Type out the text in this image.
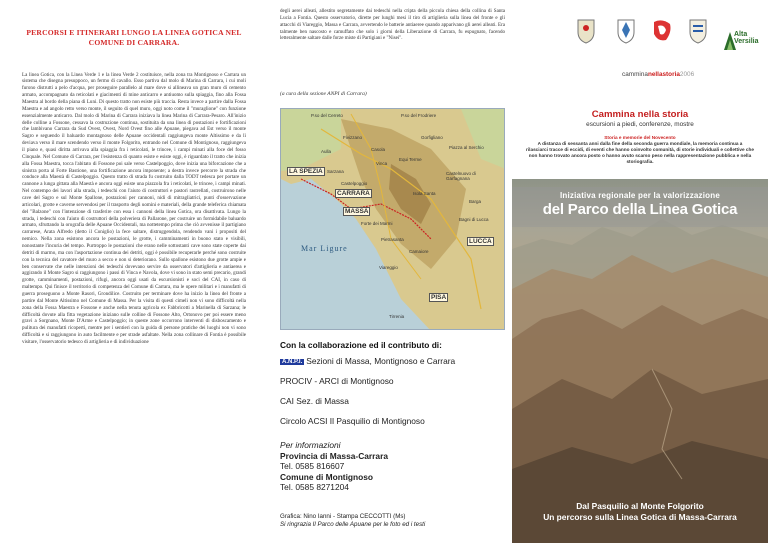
PERCORSI E ITINERARI LUNGO LA LINEA GOTICA NEL
COMUNE DI CARRARA.

La linea Gotica, con la Linea Verde 1 e la linea Verde 2 costituisce, nella zona tra Montignoso e Carrara un sistema che disegna presuppoco, un fermo di cavallo. Esso partiva dal molo di Marina di Carrara, i cui moli furono distrutti a pelo d'acqua, per proseguire parallelo al mare dove si allineava un gran muro di cemento armato, accompagnato da reticolati e giacimenti di mine anticarro e antiuomo sulla spiaggia, fino alla Fossa Maestra al bordo della piana di Luni. Di questo tratto non esiste più traccia. Resta invece a partire dalla Fossa Maestra e ad angolo retto verso monte, il seguito di quel muro, oggi noto come il "muraglione" con funzione essenzialmente anticarro. Dal molo di Marina di Carrara iniziava la linea Marina di Carrara-Pesaro. All'inizio delle colline a Fossone, cessava la costruzione continua, sostituita da una linea di postazioni e fortificazioni che lambivano Carrara da Sud Ovest, Ovest, Nord Ovest fino alle Apuane, piegava ad Est verso il monte Sagro e seguendo il baluardo montagnoso delle Apuane occidentali raggiungeva monte Altissimo e da lì deviava verso il mare scendendo verso il monte Folgorito, entrando nel Comune di Montignoso, raggiungeva il piano e, quasi diritta arrivava alla spiaggia fra i reticolati, le trincee, i campi minati alla foce del fosso Cinquale. Nel Comune di Carrara, per l'esistenza di quanto esiste e esiste oggi, è riguardato il tratto che inizia alla Fossa Maestra, tocca l'abitato di Fossone poi sale verso Castelpoggio, dove inizia una biforcazione che a sinistra porta al Forte Bastione, una fortificazione ancora imponente; a destra invece percorre la strada che conduce alla Maestà di Castelpoggio. Questo tratto di strada fu costruito dalla TODT tedesca per portare un cannone a lunga gittata alla Maestà e ancora oggi esiste una piazzola fra i reticolati, le trincee, i campi minati. Nel contempo dei lavori alla strada, i tedeschi con l'aiuto di costruttori e pastori rastrellati, costruirono nelle cave del Sagro e sul Monte Spallone, postazioni per cannoni, nidi di mitragliatrici, punti d'osservazione articolari, grotte e caverne servendosi per il trasporto degli uomini e materiali, della grande teleferica chiamata del "Balzone" con l'intenzione di trasferire con essa i cannoni della linea Gotica, ora disattivata. Lungo la strada, i tedeschi con l'aiuto di costruttori della polveriera di Pallarone, per costruire un formidabile baluardo armato, sfruttando la orografia delle Apuane Occidentali, ma nottetempo prima che ciò avvenisse il partigiano carrarese, Arata Alfredo (detto il Coniglio) la fece saltare, distruggendola, rendendo vani i propositi del nemico. Nella zona esistono ancora le postazioni, le grotte, i camminamenti in buono stato e visibili, nonostante l'incuria del tempo. Purtroppo le postazioni che erano nelle sottostanti cave sono state coperte dai detriti di marmo, ma con l'asportazione continua dei detriti, oggi è possibile recuperarle perché sono costruite con la tecnica del cavatore del muro a secco e non si deteriorano. Sullo spallone esistono due grotte ampie e ben conservate che nelle intenzioni dei tedeschi dovevano servire da osservatori d'artiglieria e antiaerea e aggirando il Monte Sagro si raggiungono i passi di Vinca e Navola, dove vi sono in stato semi precario, grandi grotte, camminamenti, postazioni, rifugi, ancora oggi usati da escursionisti e soci del CAI, in caso di maltempo. Qui finisce il territorio di competenza del Comune di Carrara, ma le opere militari e i manufatti di guerra proseguono a Monte Rasori, Grondilice. Costruito per terminare dove ha inizio la linea del fronte a partire dal Monte Altissimo nel Comune di Massa. Per la visita di questi cimeli non vi sono difficoltà nella zona della Fossa Maestra e Fossone e anche nella tenuta agricola ex Fabbricotti a Marinella di Sarzana; le difficoltà dovute alla fitta vegetazione iniziano sulle colline di Fossone Alto, Ortonovo per poi essere meno gravi a Sorgnano, Monte D'Arme e Castelpoggio; in queste zone occorrono interventi di disboscamento e pulitura dei manufatti ricoperti, mentre per i sentieri con la guida di persone pratiche dei luoghi non vi sono difficoltà e si raggiungono in auto facilmente e per strade asfaltate. Nella zona collinare di Fontia è possibile visitare, l'osservatorio tedesco di artiglieria e di individuazione

degli aerei alleati, allestito segretamente dai tedeschi nella cripta della piccola chiesa della collina di Santa Lucia a Fontia. Questo osservatorio, dirette per lunghi mesi il tiro di artiglieria sulla linea del fronte e gli attacchi di Viareggio, Massa e Carrara, avvertendo le batterie antiaeree quando apparivano gli aerei alleati. Era talmente ben nascosto e camuffato che solo i giorni della Liberazione di Carrara, fu espugnato, facendo letteralmente saltare dalle forze miste di Partigiani e "Nisei".

(a cura della sezione ANPI di Carrara)

P.so del Cerreto	P.so del Frodriere
Fivizzano
Casola
Aulla
Vinca
Equi Terme
Sarzana	Castelnuovo di Garfagnana
Isola Santa
Barga
Bagni di Lucca
Forte dei Marmi
Pietrasanta
Camaiore
Viareggio
Tirrenia
Castelpoggio
Gorfigliano
Piazza al Serchio
LA SPEZIA
CARRARA
MASSA
LUCCA
PISA
Mar Ligure
Con la collaborazione ed il contributo di:
A.N.P.I. Sezioni di Massa, Montignoso e Carrara
PROCIV - ARCI di Montignoso
CAI Sez. di Massa
Circolo ACSI Il Pasquilio di Montignoso
Per informazioni
Provincia di Massa-Carrara
Tel. 0585 816607
Comune di Montignoso
Tel. 0585 8271204
Grafica: Nino Ianni - Stampa CECCOTTI (Ms)
Si ringrazia Il Parco delle Apuane per le foto ed i testi
Alta Versilia
camminanellastoria2006
Cammina nella storia
escursioni a piedi, conferenze, mostre
Storia e memorie del Novecento
A distanza di sessanta anni dalla fine della seconda guerra mondiale, la memoria continua a rilasciarci tracce di eccidi, di eventi che hanno coinvolto comunità, di storie individuali e collettive che non hanno trovato ancora posto o hanno avuto scarso peso nella rappresentazione pubblica e nella storiografia.
Iniziativa regionale per la valorizzazione
del Parco della Linea Gotica
Dal Pasquilio al Monte Folgorito
Un percorso sulla Linea Gotica di Massa-Carrara
